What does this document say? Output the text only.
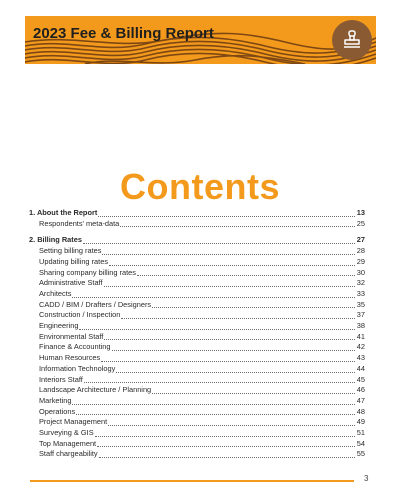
2023 Fee & Billing Report
Contents
1. About the Report	13
Respondents' meta-data	25
2. Billing Rates	27
Setting billing rates	28
Updating billing rates	29
Sharing company billing rates	30
Administrative Staff	32
Architects	33
CADD / BIM / Drafters / Designers	35
Construction / Inspection	37
Engineering	38
Environmental Staff	41
Finance & Accounting	42
Human Resources	43
Information Technology	44
Interiors Staff	45
Landscape Architecture / Planning	46
Marketing	47
Operations	48
Project Management	49
Surveying & GIS	51
Top Management	54
Staff chargeability	55
3
